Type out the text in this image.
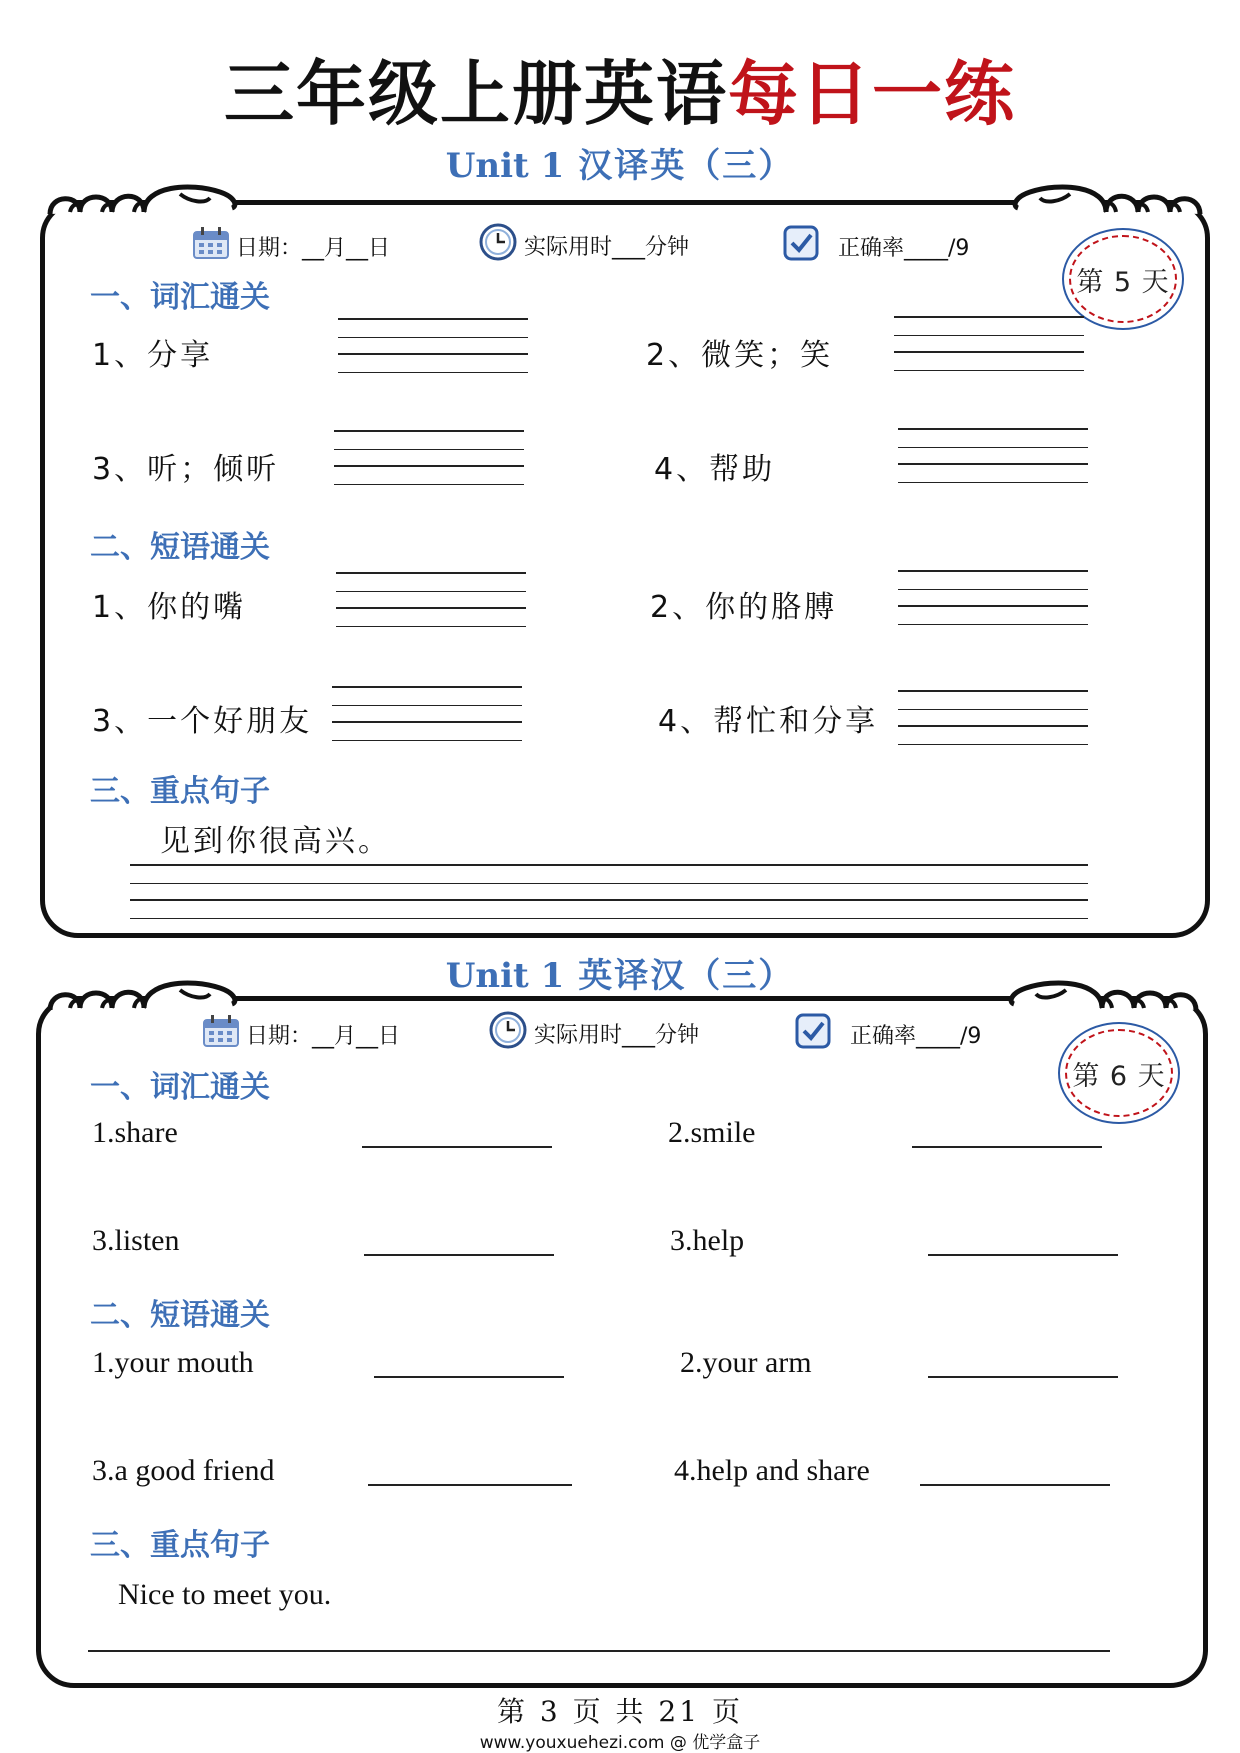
三年级上册英语每日一练
Unit 1 汉译英（三）
日期：__月__日	实际用时___分钟	正确率____/9
第 5 天
一、词汇通关
1、分享	2、微笑；笑
3、听；倾听	4、帮助
二、短语通关
1、你的嘴	2、你的胳膊
3、一个好朋友	4、帮忙和分享
三、重点句子
见到你很高兴。
Unit 1 英译汉（三）
日期：__月__日	实际用时___分钟	正确率____/9
第 6 天
一、词汇通关
1.share	2.smile
3.listen	3.help
二、短语通关
1.your mouth	2.your arm
3.a good friend	4.help and share
三、重点句子
Nice to meet you.
第 3 页 共 21 页
www.youxuehezi.com @ 优学盒子
